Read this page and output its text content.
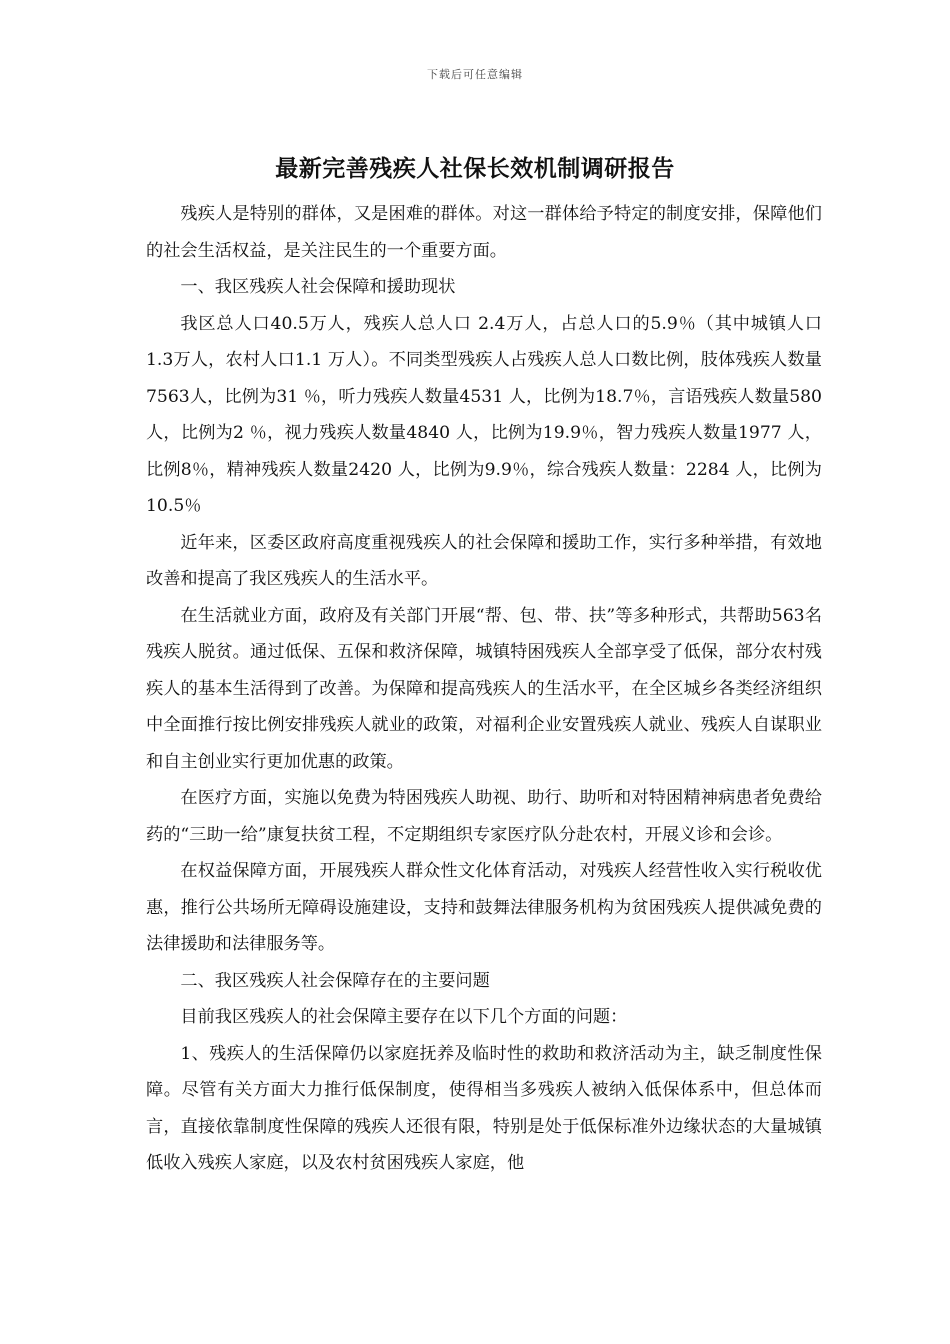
下载后可任意编辑
最新完善残疾人社保长效机制调研报告

残疾人是特别的群体，又是困难的群体。对这一群体给予特定的制度安排，保障他们的社会生活权益，是关注民生的一个重要方面。

一、我区残疾人社会保障和援助现状

我区总人口40.5万人，残疾人总人口 2.4万人，占总人口的5.9％（其中城镇人口 1.3万人，农村人口1.1 万人）。不同类型残疾人占残疾人总人口数比例，肢体残疾人数量7563人，比例为31 ％，听力残疾人数量4531 人，比例为18.7％，言语残疾人数量580人，比例为2 ％，视力残疾人数量4840 人，比例为19.9％，智力残疾人数量1977 人，比例8％，精神残疾人数量2420 人，比例为9.9％，综合残疾人数量：2284 人，比例为10.5％

近年来，区委区政府高度重视残疾人的社会保障和援助工作，实行多种举措，有效地改善和提高了我区残疾人的生活水平。

在生活就业方面，政府及有关部门开展“帮、包、带、扶”等多种形式，共帮助563名残疾人脱贫。通过低保、五保和救济保障，城镇特困残疾人全部享受了低保，部分农村残疾人的基本生活得到了改善。为保障和提高残疾人的生活水平，在全区城乡各类经济组织中全面推行按比例安排残疾人就业的政策，对福利企业安置残疾人就业、残疾人自谋职业和自主创业实行更加优惠的政策。

在医疗方面，实施以免费为特困残疾人助视、助行、助听和对特困精神病患者免费给药的“三助一给”康复扶贫工程，不定期组织专家医疗队分赴农村，开展义诊和会诊。

在权益保障方面，开展残疾人群众性文化体育活动，对残疾人经营性收入实行税收优惠，推行公共场所无障碍设施建设，支持和鼓舞法律服务机构为贫困残疾人提供减免费的法律援助和法律服务等。

二、我区残疾人社会保障存在的主要问题

目前我区残疾人的社会保障主要存在以下几个方面的问题：

1、残疾人的生活保障仍以家庭抚养及临时性的救助和救济活动为主，缺乏制度性保障。尽管有关方面大力推行低保制度，使得相当多残疾人被纳入低保体系中，但总体而言，直接依靠制度性保障的残疾人还很有限，特别是处于低保标准外边缘状态的大量城镇低收入残疾人家庭，以及农村贫困残疾人家庭，他
